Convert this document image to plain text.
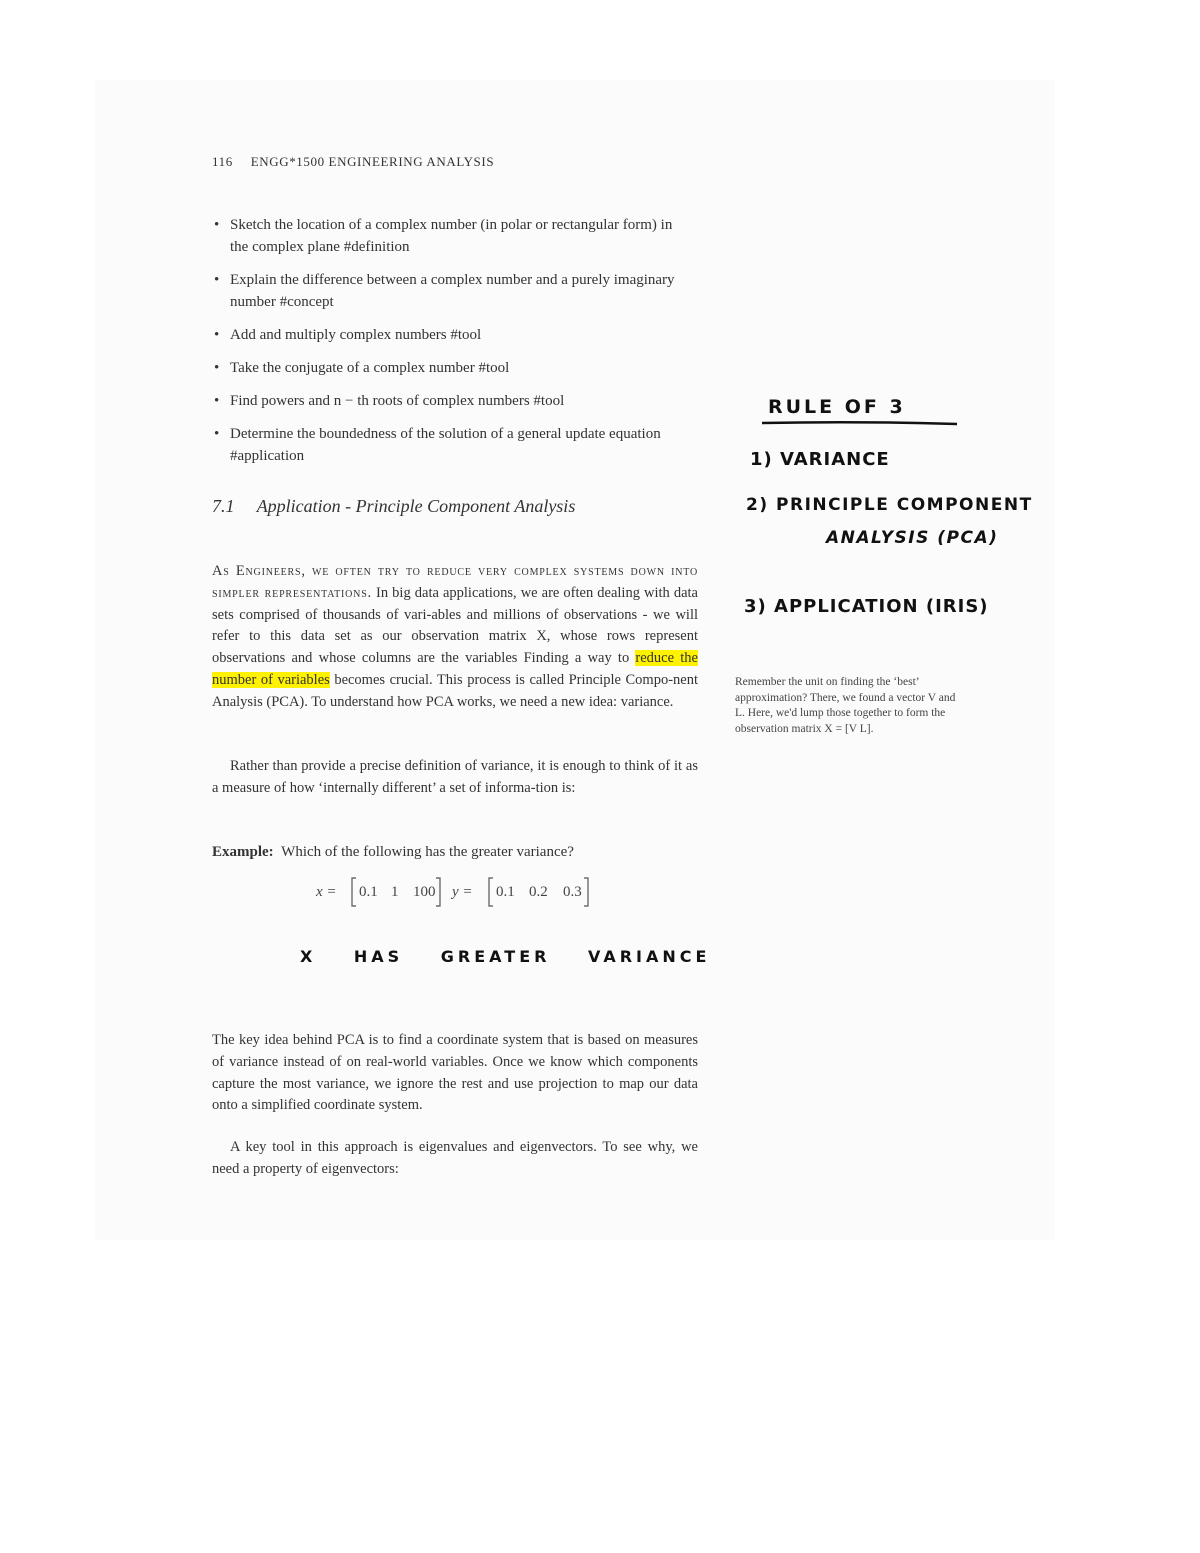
116 ENGG*1500 ENGINEERING ANALYSIS
• Sketch the location of a complex number (in polar or rectangular form) in the complex plane #definition
• Explain the difference between a complex number and a purely imaginary number #concept
• Add and multiply complex numbers #tool
• Take the conjugate of a complex number #tool
• Find powers and n − th roots of complex numbers #tool
• Determine the boundedness of the solution of a general update equation #application
7.1 Application - Principle Component Analysis
As Engineers, we often try to reduce very complex systems down into simpler representations. In big data applications, we are often dealing with data sets comprised of thousands of vari-ables and millions of observations - we will refer to this data set as our observation matrix X, whose rows represent observations and whose columns are the variables Finding a way to reduce the number of variables becomes crucial. This process is called Principle Compo-nent Analysis (PCA). To understand how PCA works, we need a new idea: variance.
Rather than provide a precise definition of variance, it is enough to think of it as a measure of how ‘internally different’ a set of informa-tion is:
Example: Which of the following has the greater variance?
x = 0.1 1 100 y = 0.1 0.2 0.3
The key idea behind PCA is to find a coordinate system that is based on measures of variance instead of on real-world variables. Once we know which components capture the most variance, we ignore the rest and use projection to map our data onto a simplified coordinate system.
A key tool in this approach is eigenvalues and eigenvectors. To see why, we need a property of eigenvectors:
Remember the unit on finding the ‘best’ approximation? There, we found a vector V and L. Here, we'd lump those together to form the observation matrix X = [V L].
RULE OF 3
1) VARIANCE
2) PRINCIPLE COMPONENT
ANALYSIS (PCA)
3) APPLICATION (IRIS)
X HAS GREATER VARIANCE
